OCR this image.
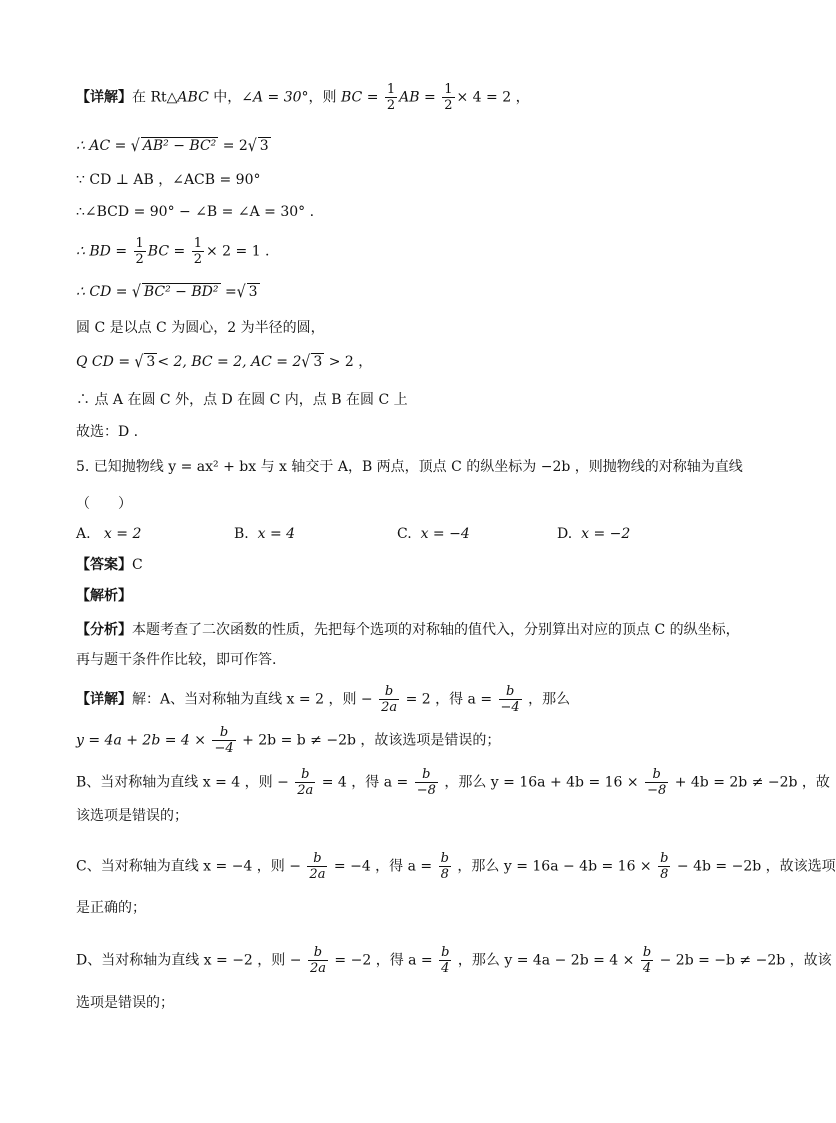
【详解】在 Rt△ABC 中，∠A = 30°，则 BC = $\frac{1}{2}$ AB = $\frac{1}{2} \times 4 = 2$ ，
∴ AC = √ AB² − BC² = 2√ 3
∵ CD ⊥ AB ，∠ACB = 90°
∴∠BCD = 90° − ∠B = ∠A = 30° .
∴ BD = $\frac{1}{2}$ BC = $\frac{1}{2} \times 2 = 1$ .
∴ CD = √ BC² − BD² =√ 3
圆 C 是以点 C 为圆心，2 为半径的圆，
Q CD = √ 3 < 2, BC = 2, AC = 2√ 3 > 2 ，
∴ 点 A 在圆 C 外，点 D 在圆 C 内，点 B 在圆 C 上
故选：D .
5. 已知抛物线 y = ax² + bx 与 x 轴交于 A，B 两点，顶点 C 的纵坐标为 −2b ，则抛物线的对称轴为直线
（　　）
A. x = 2	B. x = 4	C. x = −4	D. x = −2
【答案】C
【解析】
【分析】本题考查了二次函数的性质，先把每个选项的对称轴的值代入，分别算出对应的顶点 C 的纵坐标，
再与题干条件作比较，即可作答.
【详解】解：A、当对称轴为直线 x = 2 ，则 − $\frac{b}{2a} = 2$ ，得 $a = \frac{b}{-4}$ ，那么
$y = 4a + 2b = 4 \times \frac{b}{-4} + 2b = b \ne -2b$ ，故该选项是错误的；
B、当对称轴为直线 x = 4 ，则 − $\frac{b}{2a} = 4$ ，得 $a = \frac{b}{-8}$ ，那么 $y = 16a + 4b = 16 \times \frac{b}{-8} + 4b = 2b \ne -2b$ ，故
该选项是错误的；
C、当对称轴为直线 x = −4 ，则 − $\frac{b}{2a} = -4$ ，得 $a = \frac{b}{8}$ ，那么 $y = 16a - 4b = 16 \times \frac{b}{8} - 4b = -2b$ ，故该选项
是正确的；
D、当对称轴为直线 x = −2 ，则 − $\frac{b}{2a} = -2$ ，得 $a = \frac{b}{4}$ ，那么 $y = 4a - 2b = 4 \times \frac{b}{4} - 2b = -b \ne -2b$ ，故该
选项是错误的；
